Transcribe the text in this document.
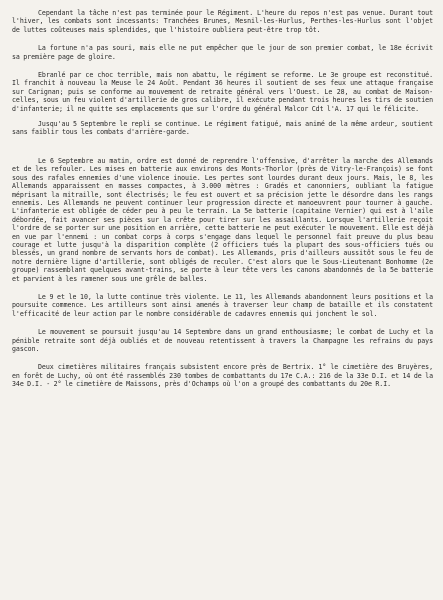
Cependant la tâche n'est pas terminée pour le Régiment. L'heure du repos n'est pas venue. Durant tout l'hiver, les combats sont incessants: Tranchées Brunes, Mesnil-les-Hurlus, Perthes-les-Hurlus sont l'objet de luttes coûteuses mais splendides, que l'histoire oubliera peut-être trop tôt.

La fortune n'a pas souri, mais elle ne put empêcher que le jour de son premier combat, le 18e écrivit sa première page de gloire.

Ebranlé par ce choc terrible, mais non abattu, le régiment se reforme. Le 3e groupe est reconstitué. Il franchit à nouveau la Meuse le 24 Août. Pendant 36 heures il soutient de ses feux une attaque française sur Carignan; puis se conforme au mouvement de retraite général vers l'Ouest. Le 28, au combat de Maison-celles, sous un feu violent d'artillerie de gros calibre, il exécute pendant trois heures les tirs de soutien d'infanterie; il ne quitte ses emplacements que sur l'ordre du général Malcor Cdt l'A. 17 qui le félicite.

Jusqu'au 5 Septembre le repli se continue. Le régiment fatigué, mais animé de la même ardeur, soutient sans faiblir tous les combats d'arrière-garde.

Le 6 Septembre au matin, ordre est donné de reprendre l'offensive, d'arrêter la marche des Allemands et de les refouler. Les mises en batterie aux environs des Monts-Thorlor (près de Vitry-le-François) se font sous des rafales ennemies d'une violence inouie. Les pertes sont lourdes durant deux jours. Mais, le 8, les Allemands apparaissent en masses compactes, à 3.000 mètres : Gradés et canonniers, oubliant la fatigue méprisant la mitraille, sont électrisés; le feu est ouvert et sa précision jette le désordre dans les rangs ennemis. Les Allemands ne peuvent continuer leur progression directe et manoeuvrent pour tourner à gauche. L'infanterie est obligée de céder peu à peu le terrain. La 5e batterie (capitaine Vernier) qui est à l'aile débordée, fait avancer ses pièces sur la crête pour tirer sur les assaillants. Lorsque l'artillerie reçoit l'ordre de se porter sur une position en arrière, cette batterie ne peut exécuter le mouvement. Elle est déjà en vue par l'ennemi : un combat corps à corps s'engage dans lequel le personnel fait preuve du plus beau courage et lutte jusqu'à la disparition complète (2 officiers tués la plupart des sous-officiers tués ou blessés, un grand nombre de servants hors de combat). Les Allemands, pris d'ailleurs aussitôt sous le feu de notre dernière ligne d'artillerie, sont obligés de reculer. C'est alors que le Sous-Lieutenant Bonhomme (2e groupe) rassemblant quelques avant-trains, se porte à leur tête vers les canons abandonnés de la 5e batterie et parvient à les ramener sous une grêle de balles.

Le 9 et le 10, la lutte continue très violente. Le 11, les Allemands abandonnent leurs positions et la poursuite commence. Les artilleurs sont ainsi amenés à traverser leur champ de bataille et ils constatent l'efficacité de leur action par le nombre considérable de cadavres ennemis qui jonchent le sol.

Le mouvement se poursuit jusqu'au 14 Septembre dans un grand enthousiasme; le combat de Luchy et la pénible retraite sont déjà oubliés et de nouveau retentissent à travers la Champagne les refrains du pays gascon.

Deux cimetières militaires français subsistent encore près de Bertrix. 1° le cimetière des Bruyères, en forêt de Luchy, où ont été rassemblés 230 tombes de combattants du 17e C.A.: 216 de la 33e D.I. et 14 de la 34e D.I. - 2° le cimetière de Maissons, près d'Ochamps où l'on a groupé des combattants du 20e R.I.
